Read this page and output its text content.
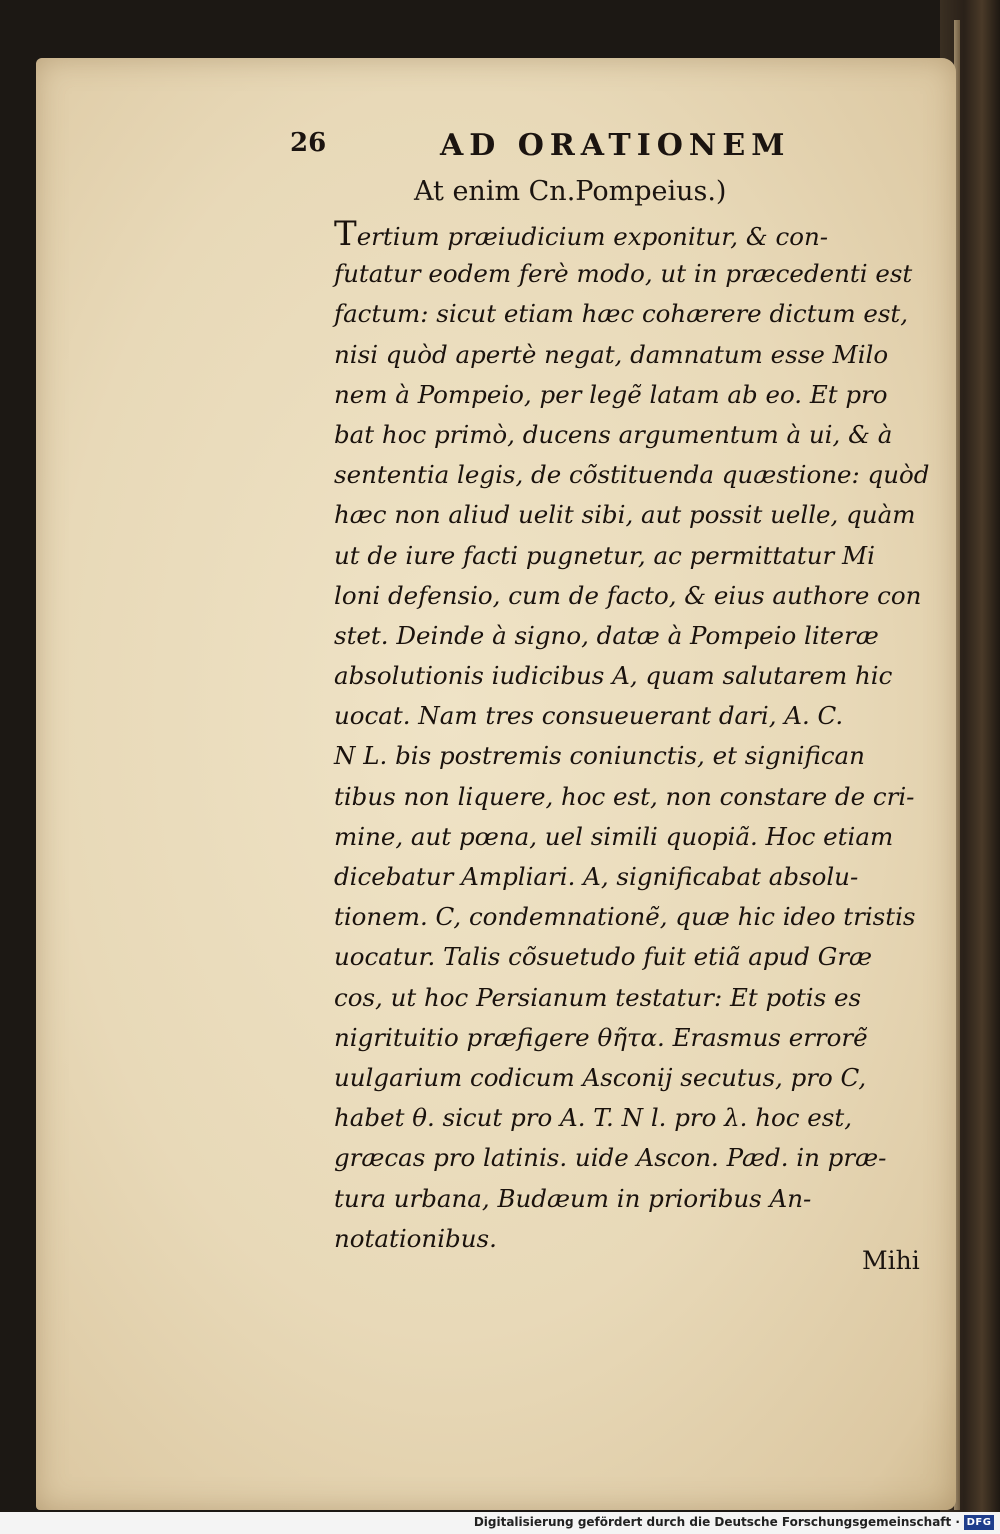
26	AD ORATIONEM
At enim Cn.Pompeius.)
Tertium præiudicium exponitur, & con-
futatur eodem ferè modo, ut in præcedenti est
factum: sicut etiam hæc cohærere dictum est,
nisi quòd apertè negat, damnatum esse Milo
nem à Pompeio, per legẽ latam ab eo. Et pro
bat hoc primò, ducens argumentum à ui, & à
sententia legis, de cõstituenda quæstione: quòd
hæc non aliud uelit sibi, aut possit uelle, quàm
ut de iure facti pugnetur, ac permittatur Mi
loni defensio, cum de facto, & eius authore con
stet. Deinde à signo, datæ à Pompeio literæ
absolutionis iudicibus A, quam salutarem hic
uocat. Nam tres consueuerant dari, A. C.
N L. bis postremis coniunctis, et significan
tibus non liquere, hoc est, non constare de cri-
mine, aut pœna, uel simili quopiã. Hoc etiam
dicebatur Ampliari. A, significabat absolu-
tionem. C, condemnationẽ, quæ hic ideo tristis
uocatur. Talis cõsuetudo fuit etiã apud Græ
cos, ut hoc Persianum testatur: Et potis es
nigrituitio præfigere θῆτα. Erasmus errorẽ
uulgarium codicum Asconij secutus, pro C,
habet θ. sicut pro A. T. N l. pro λ. hoc est,
græcas pro latinis. uide Ascon. Pæd. in præ-
tura urbana, Budæum in prioribus An-
notationibus.
Mihi
Digitalisierung gefördert durch die Deutsche Forschungsgemeinschaft · DFG
